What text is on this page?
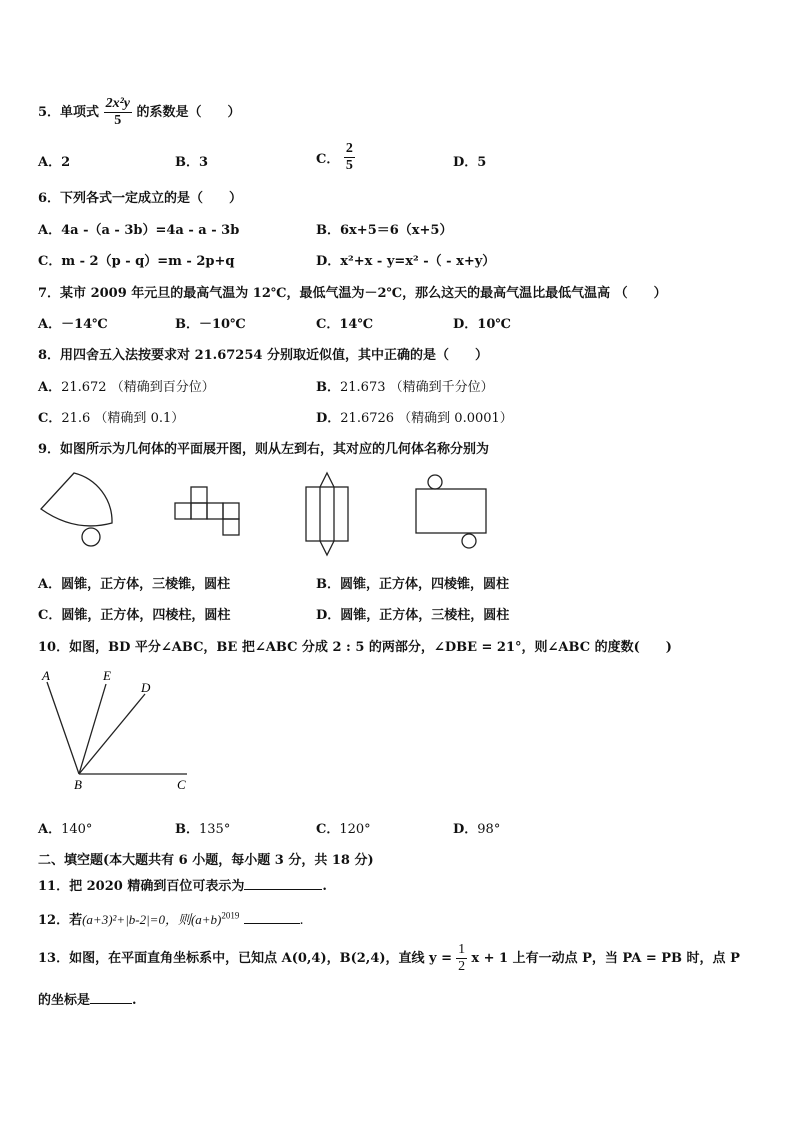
5．单项式 $\frac{\text{2x²y}}{5}$ 的系数是（　　）
A．2	B．3	C． $\frac{2}{5}$	D．5
6．下列各式一定成立的是（　　）
A．4a -（a - 3b）=4a - a - 3b	B．6x+5＝6（x+5）
C．m - 2（p - q）=m - 2p+q	D．x²+x - y=x² -（ - x+y）
7．某市 2009 年元旦的最高气温为 12℃，最低气温为－2℃，那么这天的最高气温比最低气温高 （　　）
A．－14℃	B．－10℃	C．14℃	D．10℃
8．用四舍五入法按要求对 21.67254 分别取近似值，其中正确的是（　　）
A．21.672 （精确到百分位）	B．21.673 （精确到千分位）
C．21.6 （精确到 0.1）	D．21.6726 （精确到 0.0001）
9．如图所示为几何体的平面展开图，则从左到右，其对应的几何体名称分别为
A．圆锥，正方体，三棱锥，圆柱	B．圆锥，正方体，四棱锥，圆柱
C．圆锥，正方体，四棱柱，圆柱	D．圆锥，正方体，三棱柱，圆柱
10．如图，BD 平分∠ABC，BE 把∠ABC 分成 2 : 5 的两部分，∠DBE = 21°，则∠ABC 的度数(　　)
A	E
D
B	C
A．140°	B．135°	C．120°	D．98°
二、填空题(本大题共有 6 小题，每小题 3 分，共 18 分)
11．把 2020 精确到百位可表示为	.
12．若(a+3)²+|b-2|=0，则$(a+b)^{2019}$	.
13．如图，在平面直角坐标系中，已知点 A(0,4)，B(2,4)，直线 $y = \frac{1}{2}$ x + 1 上有一动点 P，当 PA = PB 时，点 P
的坐标是	.
